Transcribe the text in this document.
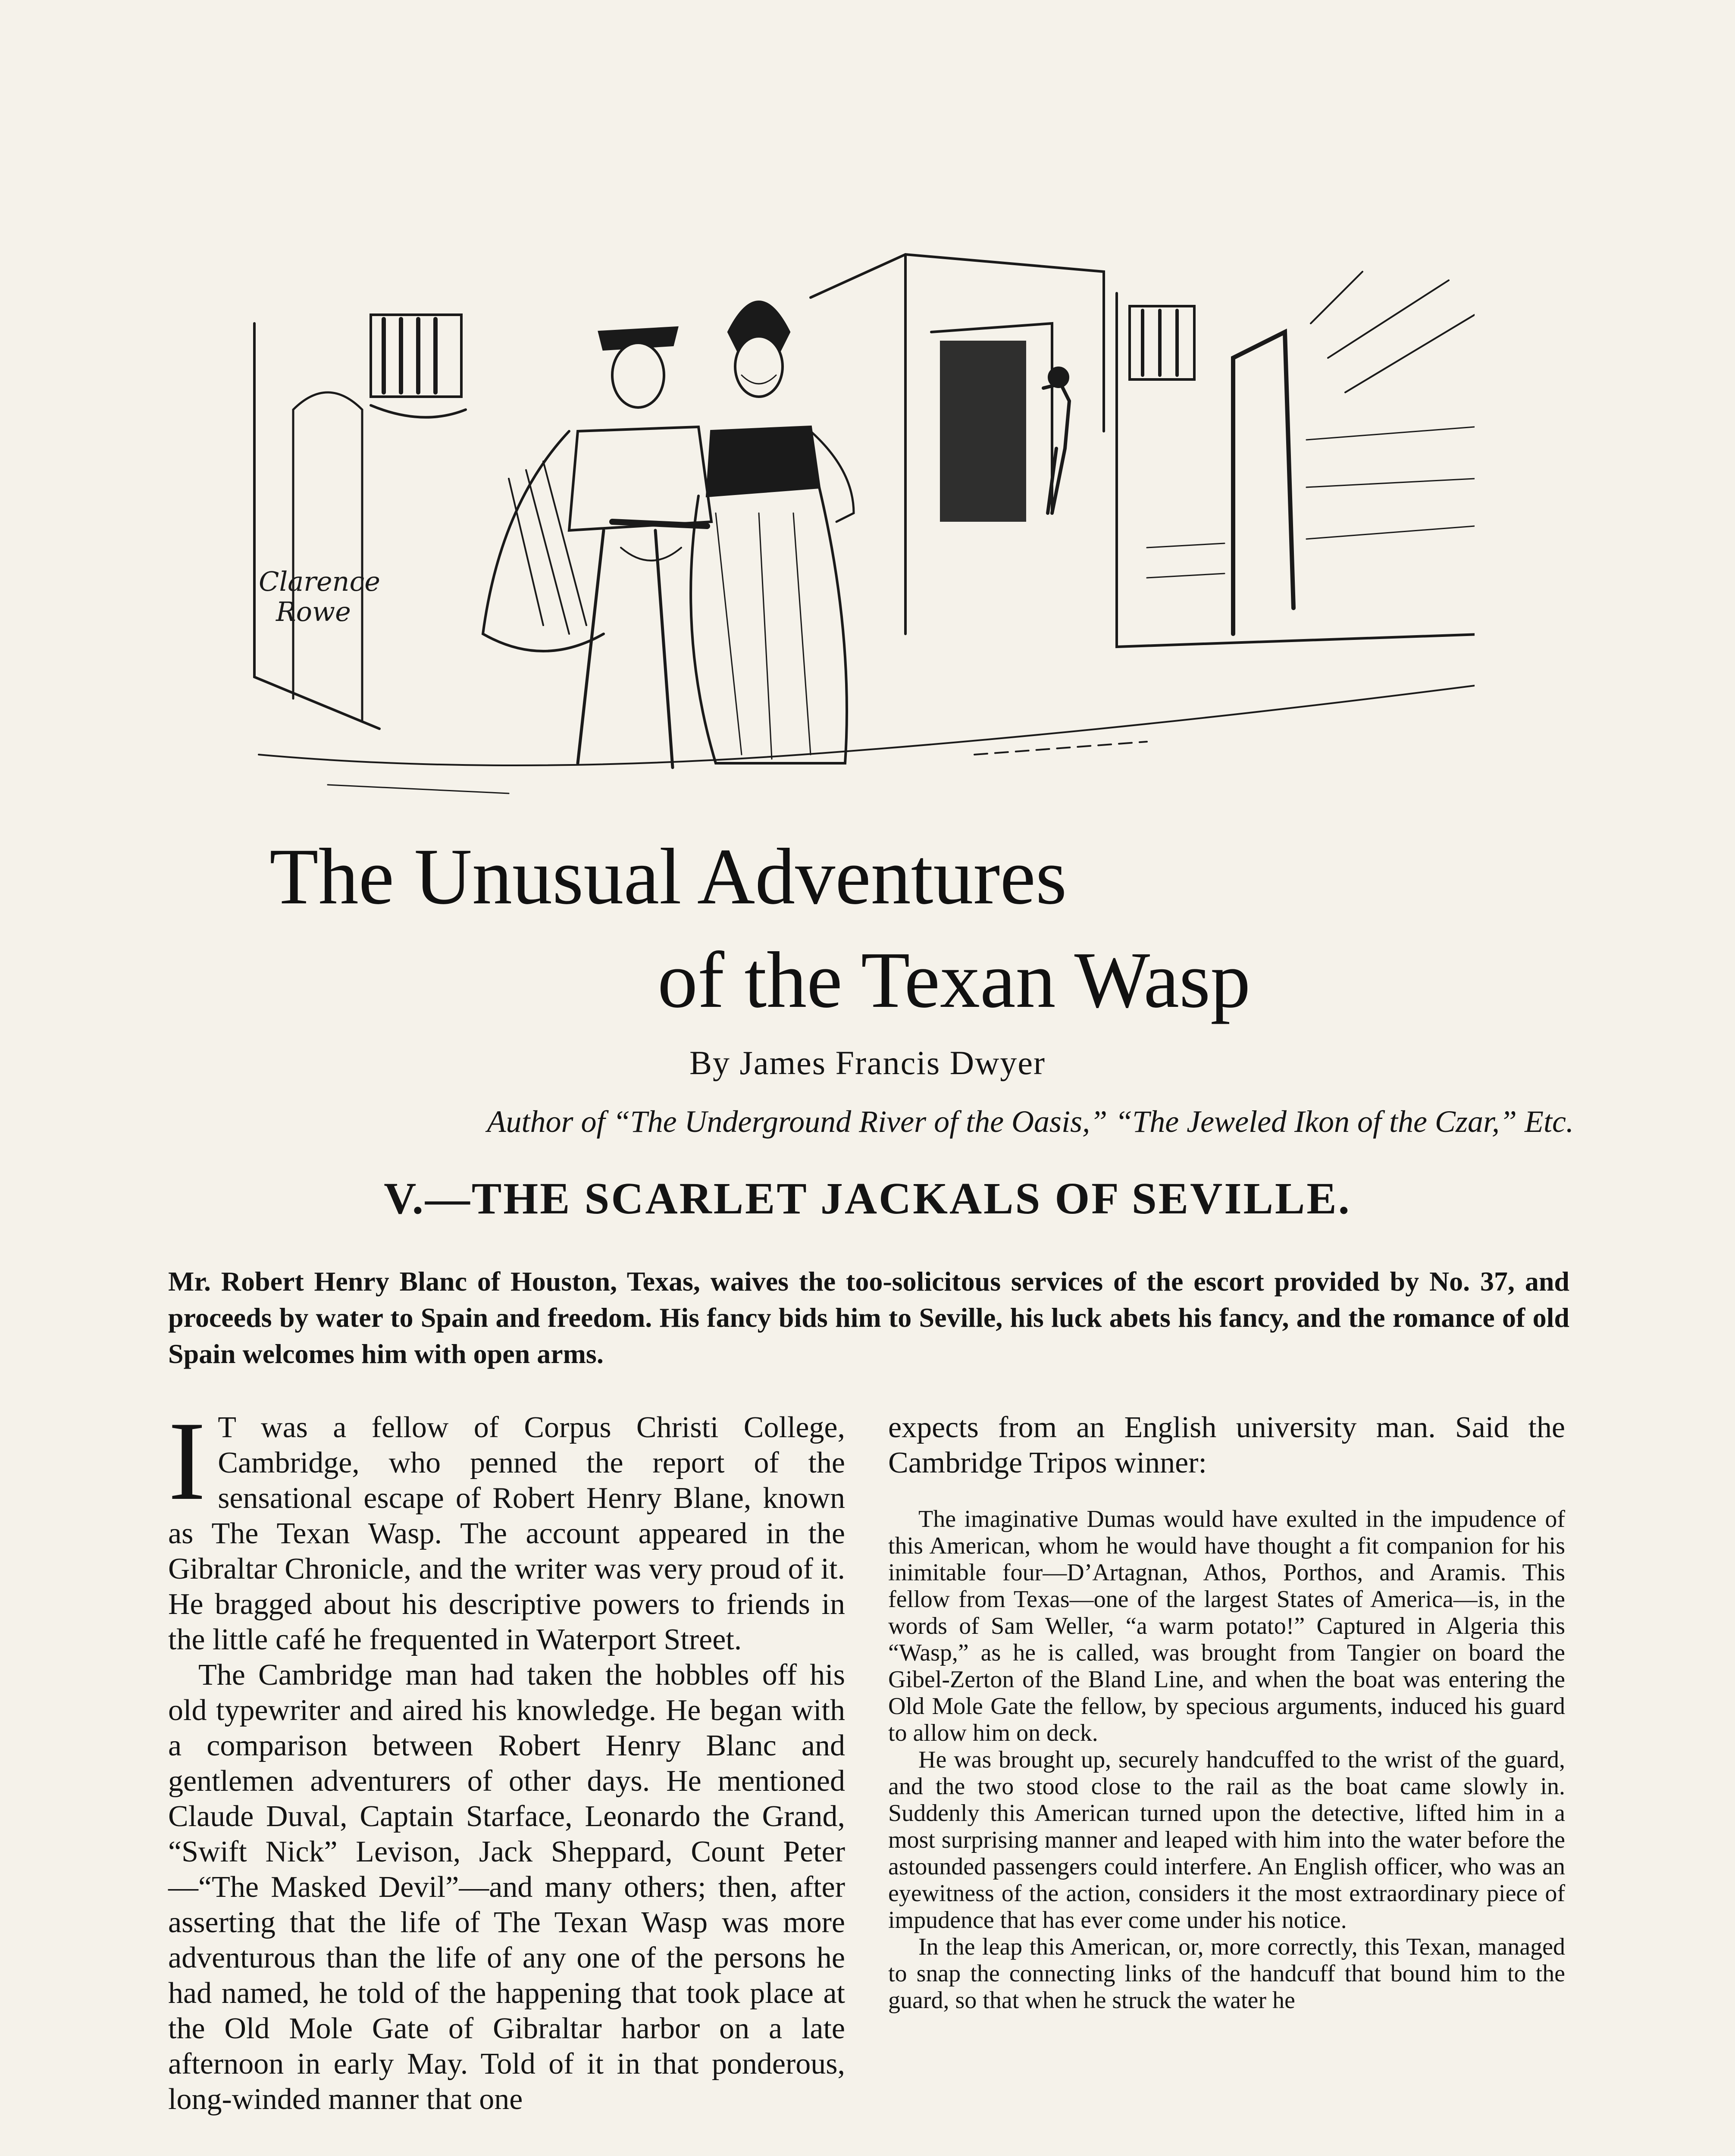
Clarence
Rowe
The Unusual Adventures
of the Texan Wasp
By James Francis Dwyer
Author of “The Underground River of the Oasis,” “The Jeweled Ikon of the Czar,” Etc.
V.—THE SCARLET JACKALS OF SEVILLE.
Mr. Robert Henry Blanc of Houston, Texas, waives the too-solicitous services of the escort provided by No. 37, and proceeds by water to Spain and freedom. His fancy bids him to Seville, his luck abets his fancy, and the romance of old Spain welcomes him with open arms.

I T was a fellow of Corpus Christi College, Cambridge, who penned the report of the sensational escape of Robert Henry Blane, known as The Texan Wasp. The account appeared in the Gibraltar Chronicle, and the writer was very proud of it. He bragged about his descriptive powers to friends in the little café he frequented in Waterport Street.

The Cambridge man had taken the hobbles off his old typewriter and aired his knowledge. He began with a comparison between Robert Henry Blanc and gentlemen adventurers of other days. He mentioned Claude Duval, Captain Starface, Leonardo the Grand, “Swift Nick” Levison, Jack Sheppard, Count Peter—“The Masked Devil”—and many others; then, after asserting that the life of The Texan Wasp was more adventurous than the life of any one of the persons he had named, he told of the happening that took place at the Old Mole Gate of Gibraltar harbor on a late afternoon in early May. Told of it in that ponderous, long-winded manner that one

expects from an English university man. Said the Cambridge Tripos winner:

The imaginative Dumas would have exulted in the impudence of this American, whom he would have thought a fit companion for his inimitable four—D’Artagnan, Athos, Porthos, and Aramis. This fellow from Texas—one of the largest States of America—is, in the words of Sam Weller, “a warm potato!” Captured in Algeria this “Wasp,” as he is called, was brought from Tangier on board the Gibel-Zerton of the Bland Line, and when the boat was entering the Old Mole Gate the fellow, by specious arguments, induced his guard to allow him on deck.

He was brought up, securely handcuffed to the wrist of the guard, and the two stood close to the rail as the boat came slowly in. Suddenly this American turned upon the detective, lifted him in a most surprising manner and leaped with him into the water before the astounded passengers could interfere. An English officer, who was an eyewitness of the action, considers it the most extraordinary piece of impudence that has ever come under his notice.

In the leap this American, or, more correctly, this Texan, managed to snap the connecting links of the handcuff that bound him to the guard, so that when he struck the water he
